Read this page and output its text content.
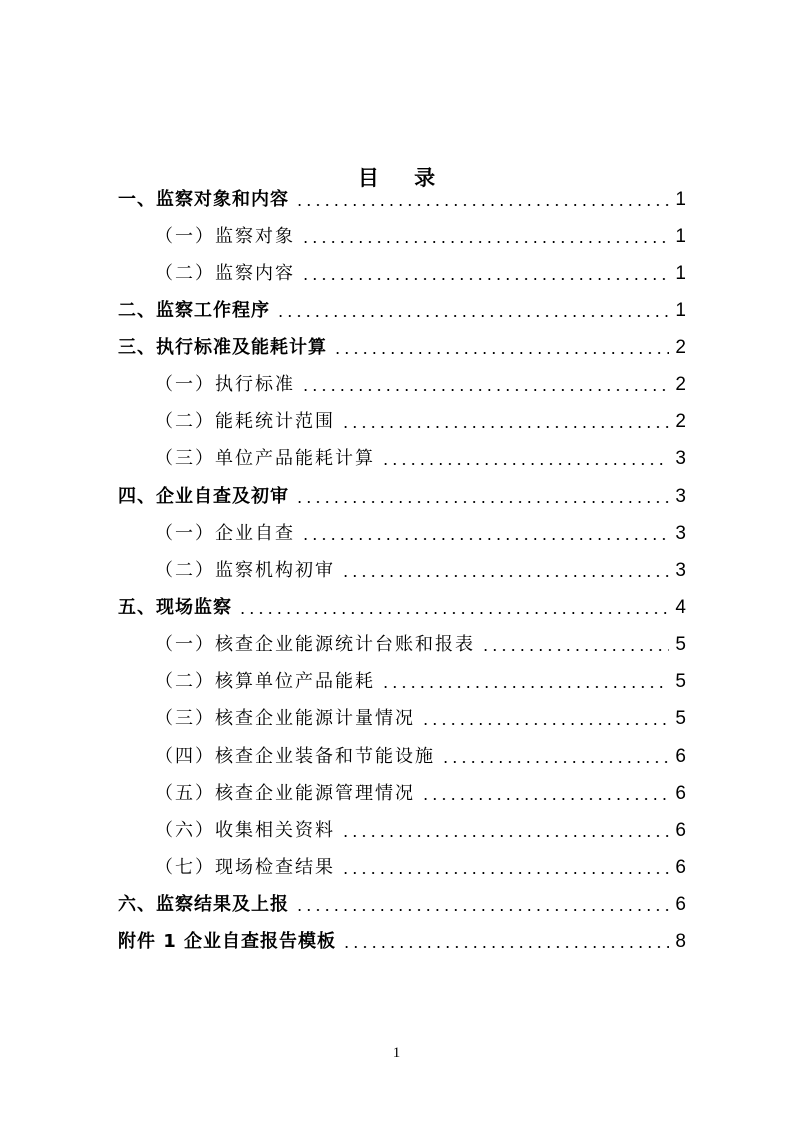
目 录
一、监察对象和内容	1
（一）监察对象	1
（二）监察内容	1
二、监察工作程序	1
三、执行标准及能耗计算	2
（一）执行标准	2
（二）能耗统计范围	2
（三）单位产品能耗计算	3
四、企业自查及初审	3
（一）企业自查	3
（二）监察机构初审	3
五、现场监察	4
（一）核查企业能源统计台账和报表	5
（二）核算单位产品能耗	5
（三）核查企业能源计量情况	5
（四）核查企业装备和节能设施	6
（五）核查企业能源管理情况	6
（六）收集相关资料	6
（七）现场检查结果	6
六、监察结果及上报	6
附件 1 企业自查报告模板	8
1
